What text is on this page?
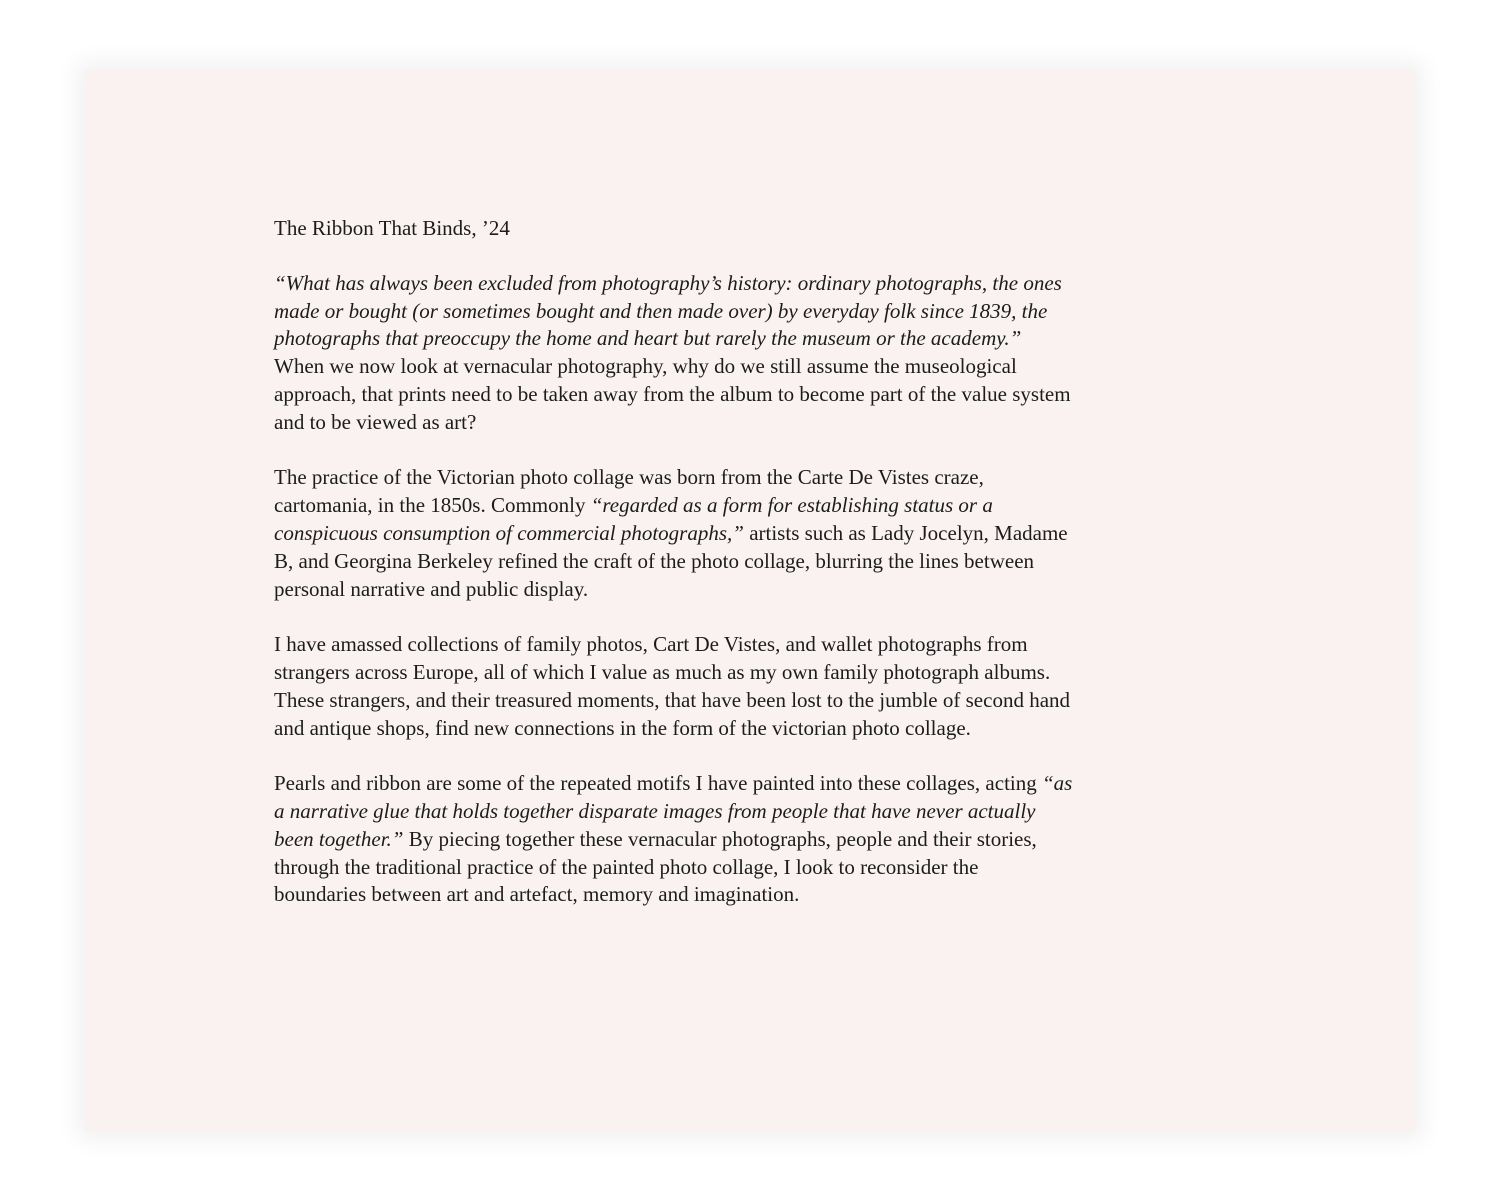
The Ribbon That Binds, ’24

“What has always been excluded from photography’s history: ordinary photographs, the ones made or bought (or sometimes bought and then made over) by everyday folk since 1839, the photographs that preoccupy the home and heart but rarely the museum or the academy.” When we now look at vernacular photography, why do we still assume the museological approach, that prints need to be taken away from the album to become part of the value system and to be viewed as art?

The practice of the Victorian photo collage was born from the Carte De Vistes craze, cartomania, in the 1850s. Commonly “regarded as a form for establishing status or a conspicuous consumption of commercial photographs,” artists such as Lady Jocelyn, Madame B, and Georgina Berkeley refined the craft of the photo collage, blurring the lines between personal narrative and public display.

I have amassed collections of family photos, Cart De Vistes, and wallet photographs from strangers across Europe, all of which I value as much as my own family photograph albums. These strangers, and their treasured moments, that have been lost to the jumble of second hand and antique shops, find new connections in the form of the victorian photo collage.

Pearls and ribbon are some of the repeated motifs I have painted into these collages, acting “as a narrative glue that holds together disparate images from people that have never actually been together.” By piecing together these vernacular photographs, people and their stories, through the traditional practice of the painted photo collage, I look to reconsider the boundaries between art and artefact, memory and imagination.
